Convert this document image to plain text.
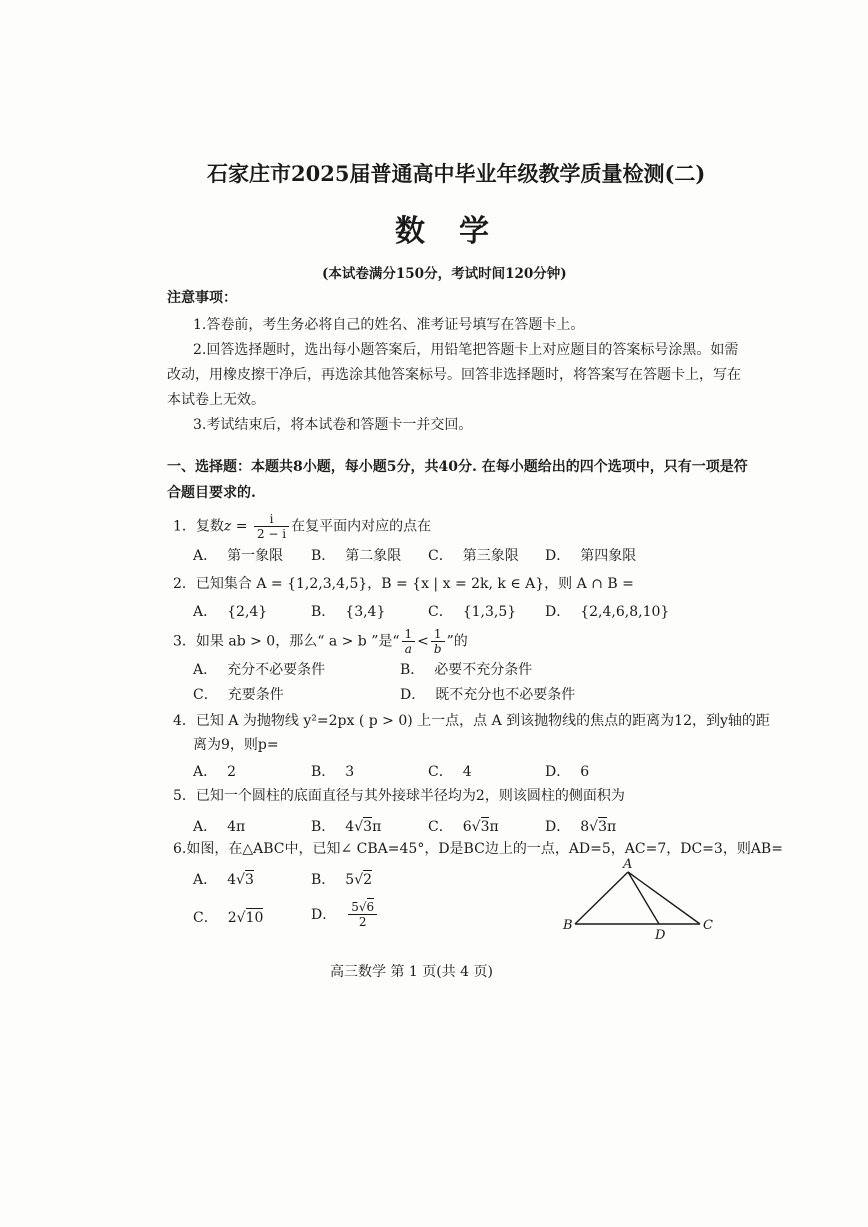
石家庄市2025届普通高中毕业年级教学质量检测(二)
数学
(本试卷满分150分，考试时间120分钟)
注意事项：
1.答卷前，考生务必将自己的姓名、准考证号填写在答题卡上。
2.回答选择题时，选出每小题答案后，用铅笔把答题卡上对应题目的答案标号涂黑。如需
改动，用橡皮擦干净后，再选涂其他答案标号。回答非选择题时，将答案写在答题卡上，写在
本试卷上无效。
3.考试结束后，将本试卷和答题卡一并交回。
一、选择题：本题共8小题，每小题5分，共40分. 在每小题给出的四个选项中，只有一项是符
合题目要求的.
1．复数$z = \frac{i}{2 - i}$ 在复平面内对应的点在
A． 第一象限 B． 第二象限 C． 第三象限 D． 第四象限
2．已知集合 A = {1,2,3,4,5}，B = {x | x = 2k, k ∈ A}，则 A ∩ B =
A． {2,4}	B． {3,4}	C． {1,3,5} D． {2,4,6,8,10}
3．如果 ab > 0，那么“ a > b ”是“ $\frac{1}{a} < \frac{1}{b}$ ”的
A． 充分不必要条件	B． 必要不充分条件
C． 充要条件	D． 既不充分也不必要条件
4．已知 A 为抛物线 y²=2px ( p > 0) 上一点，点 A 到该抛物线的焦点的距离为12，到y轴的距
离为9，则p=
A． 2	B． 3	C． 4	D． 6
5．已知一个圆柱的底面直径与其外接球半径均为2，则该圆柱的侧面积为
A． 4π	B． 4√3π	C． 6√3π	D． 8√3π
6.如图，在△ABC中，已知∠ CBA=45°，D是BC边上的一点，AD=5，AC=7，DC=3，则AB=
A． 4√3	B． 5√2
C． 2√10	D． $\frac{5√6}{2}$
A
B	C
D
高三数学 第 1 页(共 4 页)
